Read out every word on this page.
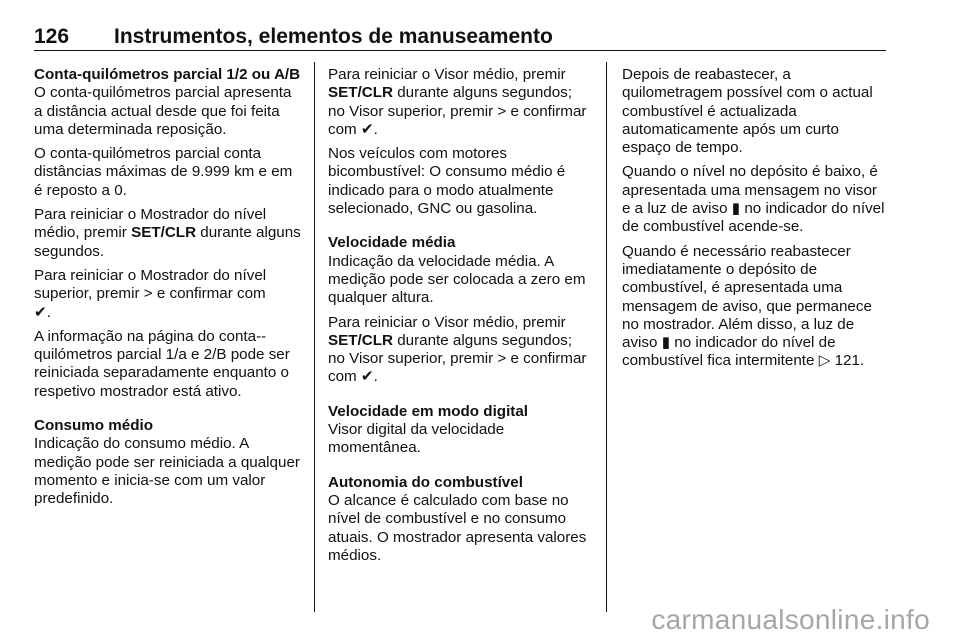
126 Instrumentos, elementos de manuseamento

Conta-quilómetros parcial 1/2 ou A/B

O conta-quilómetros parcial apresenta a distância actual desde que foi feita uma determinada reposição.

O conta-quilómetros parcial conta distâncias máximas de 9.999 km e em é reposto a 0.

Para reiniciar o Mostrador do nível médio, premir SET/CLR durante alguns segundos.

Para reiniciar o Mostrador do nível superior, premir > e confirmar com
✔.

A informação na página do conta--quilómetros parcial 1/a e 2/B pode ser reiniciada separadamente enquanto o respetivo mostrador está ativo.

Consumo médio

Indicação do consumo médio. A medição pode ser reiniciada a qualquer momento e inicia-se com um valor predefinido.

Para reiniciar o Visor médio, premir SET/CLR durante alguns segundos; no Visor superior, premir > e confirmar com ✔.

Nos veículos com motores bicombustível: O consumo médio é indicado para o modo atualmente selecionado, GNC ou gasolina.

Velocidade média

Indicação da velocidade média. A medição pode ser colocada a zero em qualquer altura.

Para reiniciar o Visor médio, premir SET/CLR durante alguns segundos; no Visor superior, premir > e confirmar com ✔.

Velocidade em modo digital

Visor digital da velocidade momentânea.

Autonomia do combustível

O alcance é calculado com base no nível de combustível e no consumo atuais. O mostrador apresenta valores médios.

Depois de reabastecer, a quilometragem possível com o actual combustível é actualizada automaticamente após um curto espaço de tempo.

Quando o nível no depósito é baixo, é apresentada uma mensagem no visor e a luz de aviso ▮ no indicador do nível de combustível acende-se.

Quando é necessário reabastecer imediatamente o depósito de combustível, é apresentada uma mensagem de aviso, que permanece no mostrador. Além disso, a luz de aviso ▮ no indicador do nível de combustível fica intermitente ▷ 121.

carmanualsonline.info
